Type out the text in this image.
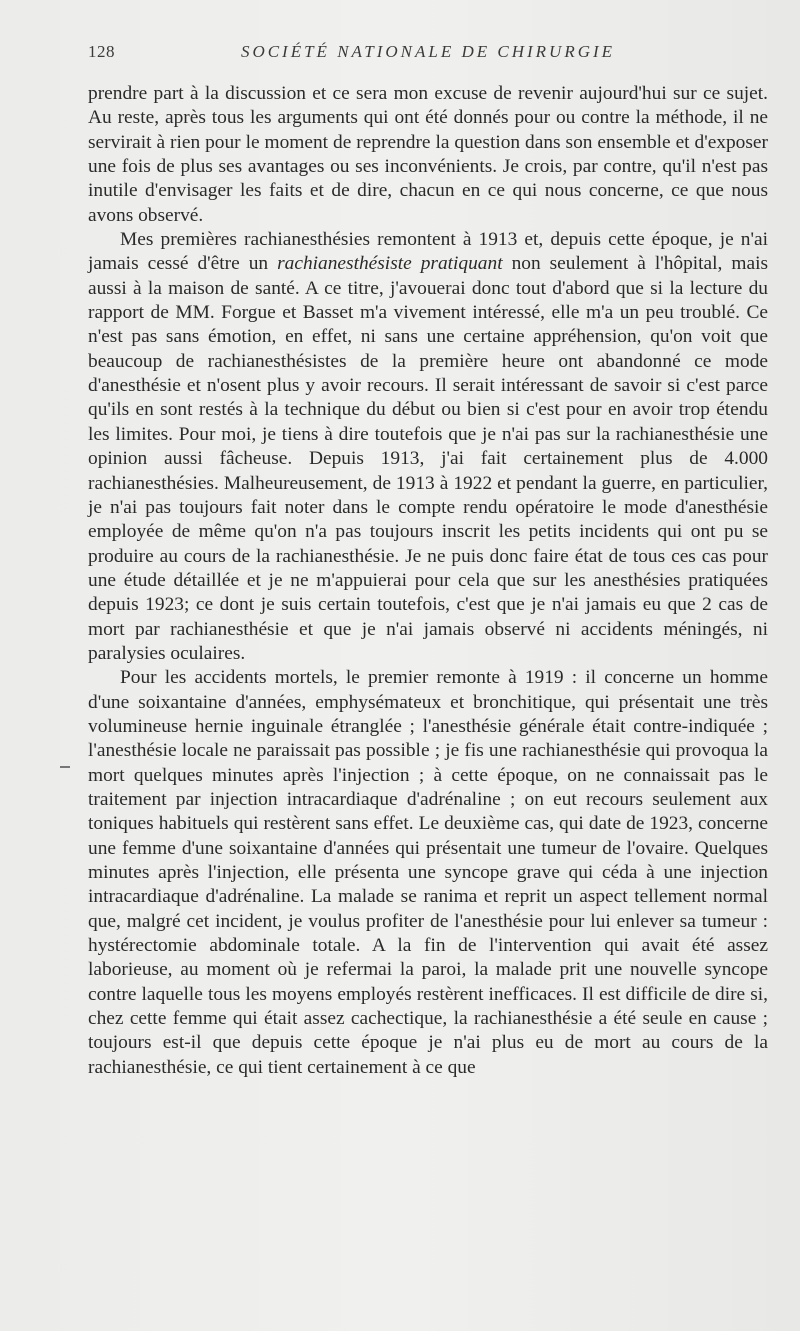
128	SOCIÉTÉ NATIONALE DE CHIRURGIE

prendre part à la discussion et ce sera mon excuse de revenir aujourd'hui sur ce sujet. Au reste, après tous les arguments qui ont été donnés pour ou contre la méthode, il ne servirait à rien pour le moment de reprendre la question dans son ensemble et d'exposer une fois de plus ses avantages ou ses inconvénients. Je crois, par contre, qu'il n'est pas inutile d'envisager les faits et de dire, chacun en ce qui nous concerne, ce que nous avons observé.

Mes premières rachianesthésies remontent à 1913 et, depuis cette époque, je n'ai jamais cessé d'être un rachianesthésiste pratiquant non seulement à l'hôpital, mais aussi à la maison de santé. A ce titre, j'avouerai donc tout d'abord que si la lecture du rapport de MM. Forgue et Basset m'a vivement intéressé, elle m'a un peu troublé. Ce n'est pas sans émotion, en effet, ni sans une certaine appréhension, qu'on voit que beaucoup de rachianesthésistes de la première heure ont abandonné ce mode d'anesthésie et n'osent plus y avoir recours. Il serait intéressant de savoir si c'est parce qu'ils en sont restés à la technique du début ou bien si c'est pour en avoir trop étendu les limites. Pour moi, je tiens à dire toutefois que je n'ai pas sur la rachianesthésie une opinion aussi fâcheuse. Depuis 1913, j'ai fait certainement plus de 4.000 rachianesthésies. Malheureusement, de 1913 à 1922 et pendant la guerre, en particulier, je n'ai pas toujours fait noter dans le compte rendu opératoire le mode d'anesthésie employée de même qu'on n'a pas toujours inscrit les petits incidents qui ont pu se produire au cours de la rachianesthésie. Je ne puis donc faire état de tous ces cas pour une étude détaillée et je ne m'appuierai pour cela que sur les anesthésies pratiquées depuis 1923; ce dont je suis certain toutefois, c'est que je n'ai jamais eu que 2 cas de mort par rachianesthésie et que je n'ai jamais observé ni accidents méningés, ni paralysies oculaires.

Pour les accidents mortels, le premier remonte à 1919 : il concerne un homme d'une soixantaine d'années, emphysémateux et bronchitique, qui présentait une très volumineuse hernie inguinale étranglée ; l'anesthésie générale était contre-indiquée ; l'anesthésie locale ne paraissait pas possible ; je fis une rachianesthésie qui provoqua la mort quelques minutes après l'injection ; à cette époque, on ne connaissait pas le traitement par injection intracardiaque d'adrénaline ; on eut recours seulement aux toniques habituels qui restèrent sans effet. Le deuxième cas, qui date de 1923, concerne une femme d'une soixantaine d'années qui présentait une tumeur de l'ovaire. Quelques minutes après l'injection, elle présenta une syncope grave qui céda à une injection intracardiaque d'adrénaline. La malade se ranima et reprit un aspect tellement normal que, malgré cet incident, je voulus profiter de l'anesthésie pour lui enlever sa tumeur : hystérectomie abdominale totale. A la fin de l'intervention qui avait été assez laborieuse, au moment où je refermai la paroi, la malade prit une nouvelle syncope contre laquelle tous les moyens employés restèrent inefficaces. Il est difficile de dire si, chez cette femme qui était assez cachectique, la rachianesthésie a été seule en cause ; toujours est-il que depuis cette époque je n'ai plus eu de mort au cours de la rachianesthésie, ce qui tient certainement à ce que
